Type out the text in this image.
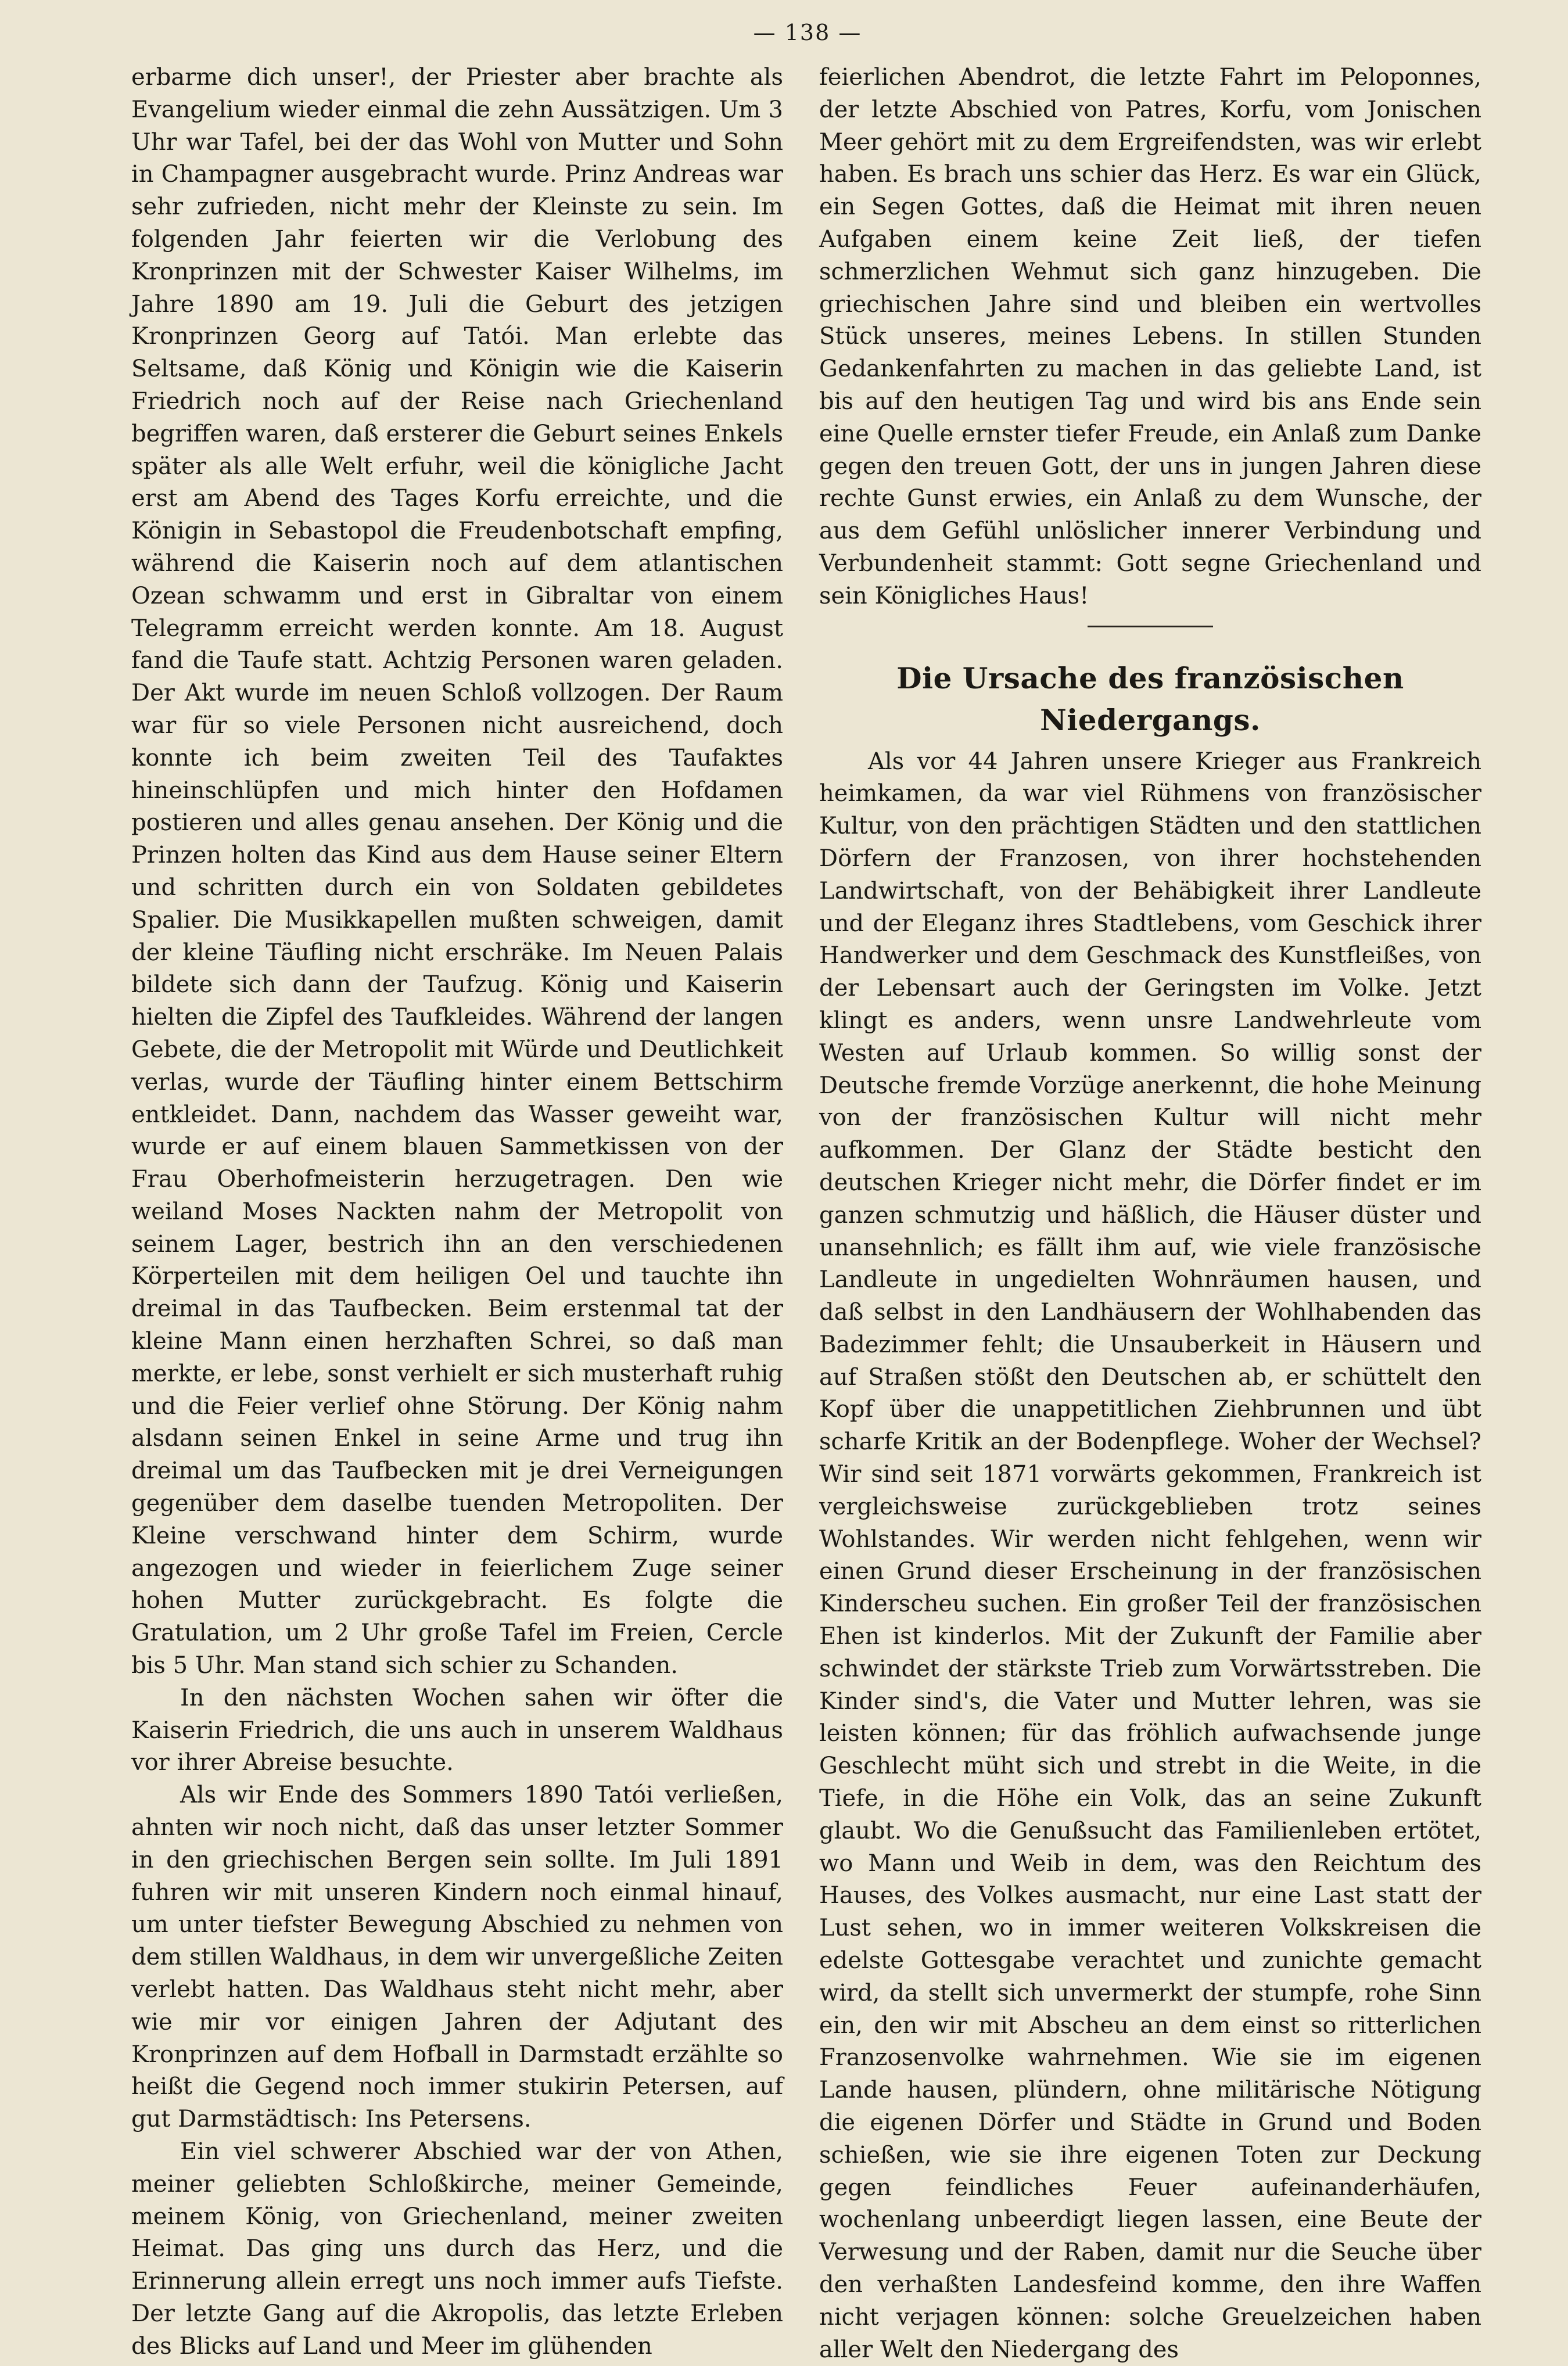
— 138 —

erbarme dich unser!, der Priester aber brachte als Evangelium wieder einmal die zehn Aussätzigen. Um 3 Uhr war Tafel, bei der das Wohl von Mutter und Sohn in Champagner ausgebracht wurde. Prinz Andreas war sehr zufrieden, nicht mehr der Kleinste zu sein. Im folgenden Jahr feierten wir die Verlobung des Kronprinzen mit der Schwester Kaiser Wilhelms, im Jahre 1890 am 19. Juli die Geburt des jetzigen Kronprinzen Georg auf Tatói. Man erlebte das Seltsame, daß König und Königin wie die Kaiserin Friedrich noch auf der Reise nach Griechenland begriffen waren, daß ersterer die Geburt seines Enkels später als alle Welt erfuhr, weil die königliche Jacht erst am Abend des Tages Korfu erreichte, und die Königin in Sebastopol die Freudenbotschaft empfing, während die Kaiserin noch auf dem atlantischen Ozean schwamm und erst in Gibraltar von einem Telegramm erreicht werden konnte. Am 18. August fand die Taufe statt. Achtzig Personen waren geladen. Der Akt wurde im neuen Schloß vollzogen. Der Raum war für so viele Personen nicht ausreichend, doch konnte ich beim zweiten Teil des Taufaktes hineinschlüpfen und mich hinter den Hofdamen postieren und alles genau ansehen. Der König und die Prinzen holten das Kind aus dem Hause seiner Eltern und schritten durch ein von Soldaten gebildetes Spalier. Die Musikkapellen mußten schweigen, damit der kleine Täufling nicht erschräke. Im Neuen Palais bildete sich dann der Taufzug. König und Kaiserin hielten die Zipfel des Taufkleides. Während der langen Gebete, die der Metropolit mit Würde und Deutlichkeit verlas, wurde der Täufling hinter einem Bettschirm entkleidet. Dann, nachdem das Wasser geweiht war, wurde er auf einem blauen Sammetkissen von der Frau Oberhofmeisterin herzugetragen. Den wie weiland Moses Nackten nahm der Metropolit von seinem Lager, bestrich ihn an den verschiedenen Körperteilen mit dem heiligen Oel und tauchte ihn dreimal in das Taufbecken. Beim erstenmal tat der kleine Mann einen herzhaften Schrei, so daß man merkte, er lebe, sonst verhielt er sich musterhaft ruhig und die Feier verlief ohne Störung. Der König nahm alsdann seinen Enkel in seine Arme und trug ihn dreimal um das Taufbecken mit je drei Verneigungen gegenüber dem daselbe tuenden Metropoliten. Der Kleine verschwand hinter dem Schirm, wurde angezogen und wieder in feierlichem Zuge seiner hohen Mutter zurückgebracht. Es folgte die Gratulation, um 2 Uhr große Tafel im Freien, Cercle bis 5 Uhr. Man stand sich schier zu Schanden.

In den nächsten Wochen sahen wir öfter die Kaiserin Friedrich, die uns auch in unserem Waldhaus vor ihrer Abreise besuchte.

Als wir Ende des Sommers 1890 Tatói verließen, ahnten wir noch nicht, daß das unser letzter Sommer in den griechischen Bergen sein sollte. Im Juli 1891 fuhren wir mit unseren Kindern noch einmal hinauf, um unter tiefster Bewegung Abschied zu nehmen von dem stillen Waldhaus, in dem wir unvergeßliche Zeiten verlebt hatten. Das Waldhaus steht nicht mehr, aber wie mir vor einigen Jahren der Adjutant des Kronprinzen auf dem Hofball in Darmstadt erzählte so heißt die Gegend noch immer stukirin Petersen, auf gut Darmstädtisch: Ins Petersens.

Ein viel schwerer Abschied war der von Athen, meiner geliebten Schloßkirche, meiner Gemeinde, meinem König, von Griechenland, meiner zweiten Heimat. Das ging uns durch das Herz, und die Erinnerung allein erregt uns noch immer aufs Tiefste. Der letzte Gang auf die Akropolis, das letzte Erleben des Blicks auf Land und Meer im glühenden

feierlichen Abendrot, die letzte Fahrt im Peloponnes, der letzte Abschied von Patres, Korfu, vom Jonischen Meer gehört mit zu dem Ergreifendsten, was wir erlebt haben. Es brach uns schier das Herz. Es war ein Glück, ein Segen Gottes, daß die Heimat mit ihren neuen Aufgaben einem keine Zeit ließ, der tiefen schmerzlichen Wehmut sich ganz hinzugeben. Die griechischen Jahre sind und bleiben ein wertvolles Stück unseres, meines Lebens. In stillen Stunden Gedankenfahrten zu machen in das geliebte Land, ist bis auf den heutigen Tag und wird bis ans Ende sein eine Quelle ernster tiefer Freude, ein Anlaß zum Danke gegen den treuen Gott, der uns in jungen Jahren diese rechte Gunst erwies, ein Anlaß zu dem Wunsche, der aus dem Gefühl unlöslicher innerer Verbindung und Verbundenheit stammt: Gott segne Griechenland und sein Königliches Haus!

Die Ursache des französischen Niedergangs.

Als vor 44 Jahren unsere Krieger aus Frankreich heimkamen, da war viel Rühmens von französischer Kultur, von den prächtigen Städten und den stattlichen Dörfern der Franzosen, von ihrer hochstehenden Landwirtschaft, von der Behäbigkeit ihrer Landleute und der Eleganz ihres Stadtlebens, vom Geschick ihrer Handwerker und dem Geschmack des Kunstfleißes, von der Lebensart auch der Geringsten im Volke. Jetzt klingt es anders, wenn unsre Landwehrleute vom Westen auf Urlaub kommen. So willig sonst der Deutsche fremde Vorzüge anerkennt, die hohe Meinung von der französischen Kultur will nicht mehr aufkommen. Der Glanz der Städte besticht den deutschen Krieger nicht mehr, die Dörfer findet er im ganzen schmutzig und häßlich, die Häuser düster und unansehnlich; es fällt ihm auf, wie viele französische Landleute in ungedielten Wohnräumen hausen, und daß selbst in den Landhäusern der Wohlhabenden das Badezimmer fehlt; die Unsauberkeit in Häusern und auf Straßen stößt den Deutschen ab, er schüttelt den Kopf über die unappetitlichen Ziehbrunnen und übt scharfe Kritik an der Bodenpflege. Woher der Wechsel? Wir sind seit 1871 vorwärts gekommen, Frankreich ist vergleichsweise zurückgeblieben trotz seines Wohlstandes. Wir werden nicht fehlgehen, wenn wir einen Grund dieser Erscheinung in der französischen Kinderscheu suchen. Ein großer Teil der französischen Ehen ist kinderlos. Mit der Zukunft der Familie aber schwindet der stärkste Trieb zum Vorwärtsstreben. Die Kinder sind's, die Vater und Mutter lehren, was sie leisten können; für das fröhlich aufwachsende junge Geschlecht müht sich und strebt in die Weite, in die Tiefe, in die Höhe ein Volk, das an seine Zukunft glaubt. Wo die Genußsucht das Familienleben ertötet, wo Mann und Weib in dem, was den Reichtum des Hauses, des Volkes ausmacht, nur eine Last statt der Lust sehen, wo in immer weiteren Volkskreisen die edelste Gottesgabe verachtet und zunichte gemacht wird, da stellt sich unvermerkt der stumpfe, rohe Sinn ein, den wir mit Abscheu an dem einst so ritterlichen Franzosenvolke wahrnehmen. Wie sie im eigenen Lande hausen, plündern, ohne militärische Nötigung die eigenen Dörfer und Städte in Grund und Boden schießen, wie sie ihre eigenen Toten zur Deckung gegen feindliches Feuer aufeinanderhäufen, wochenlang unbeerdigt liegen lassen, eine Beute der Verwesung und der Raben, damit nur die Seuche über den verhaßten Landesfeind komme, den ihre Waffen nicht verjagen können: solche Greuelzeichen haben aller Welt den Niedergang des
